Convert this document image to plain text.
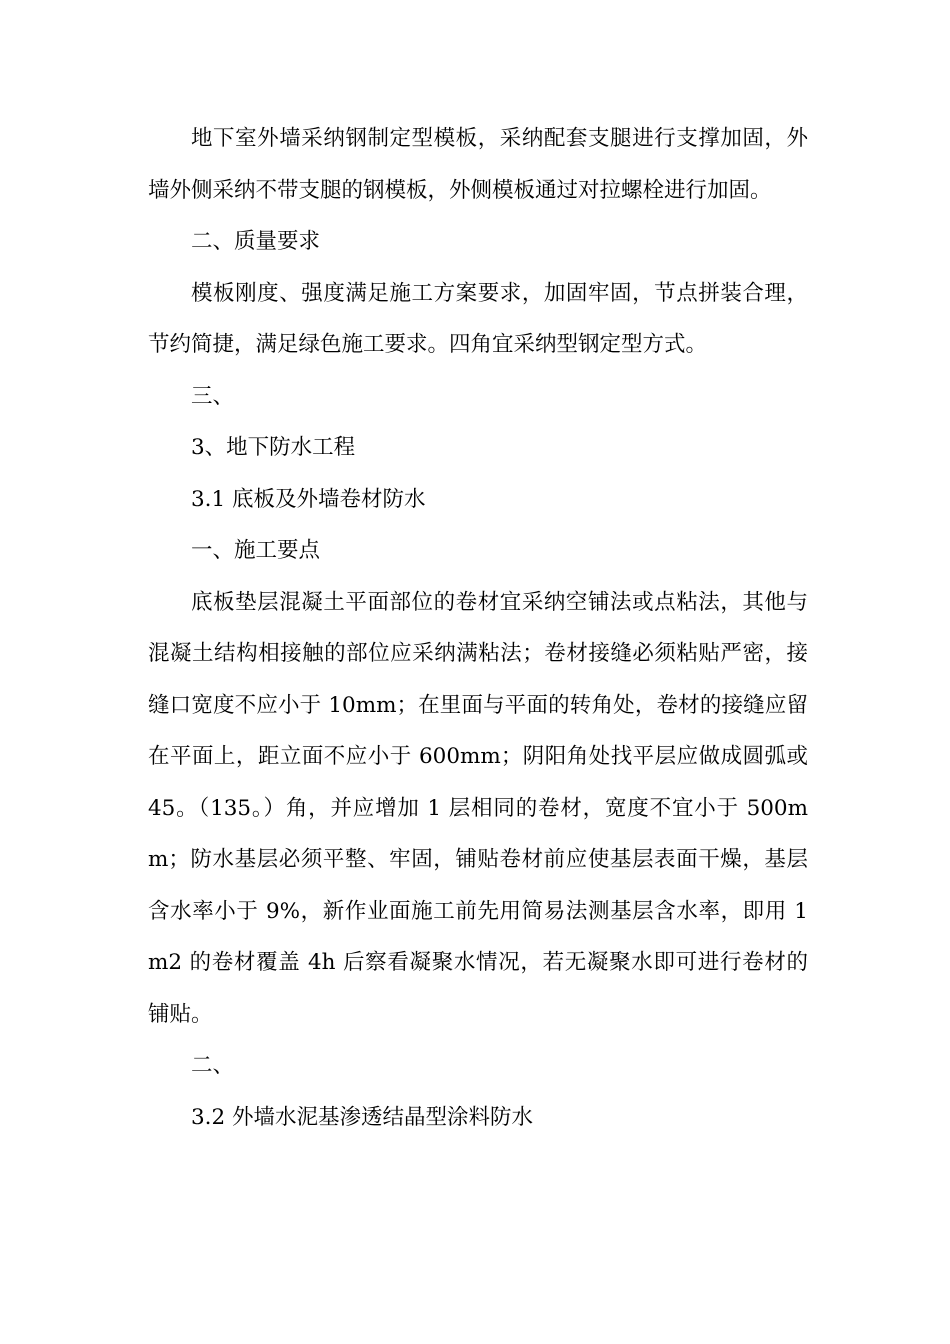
地下室外墙采纳钢制定型模板，采纳配套支腿进行支撑加固，外墙外侧采纳不带支腿的钢模板，外侧模板通过对拉螺栓进行加固。

二、质量要求

模板刚度、强度满足施工方案要求，加固牢固，节点拼装合理，节约简捷，满足绿色施工要求。四角宜采纳型钢定型方式。

三、

3、地下防水工程

3.1 底板及外墙卷材防水

一、施工要点

底板垫层混凝土平面部位的卷材宜采纳空铺法或点粘法，其他与混凝土结构相接触的部位应采纳满粘法；卷材接缝必须粘贴严密，接缝口宽度不应小于 10mm；在里面与平面的转角处，卷材的接缝应留在平面上，距立面不应小于 600mm；阴阳角处找平层应做成圆弧或 45。（135。）角，并应增加 1 层相同的卷材，宽度不宜小于 500mm；防水基层必须平整、牢固，铺贴卷材前应使基层表面干燥，基层含水率小于 9%，新作业面施工前先用简易法测基层含水率，即用 1m2 的卷材覆盖 4h 后察看凝聚水情况，若无凝聚水即可进行卷材的铺贴。

二、

3.2 外墙水泥基渗透结晶型涂料防水
